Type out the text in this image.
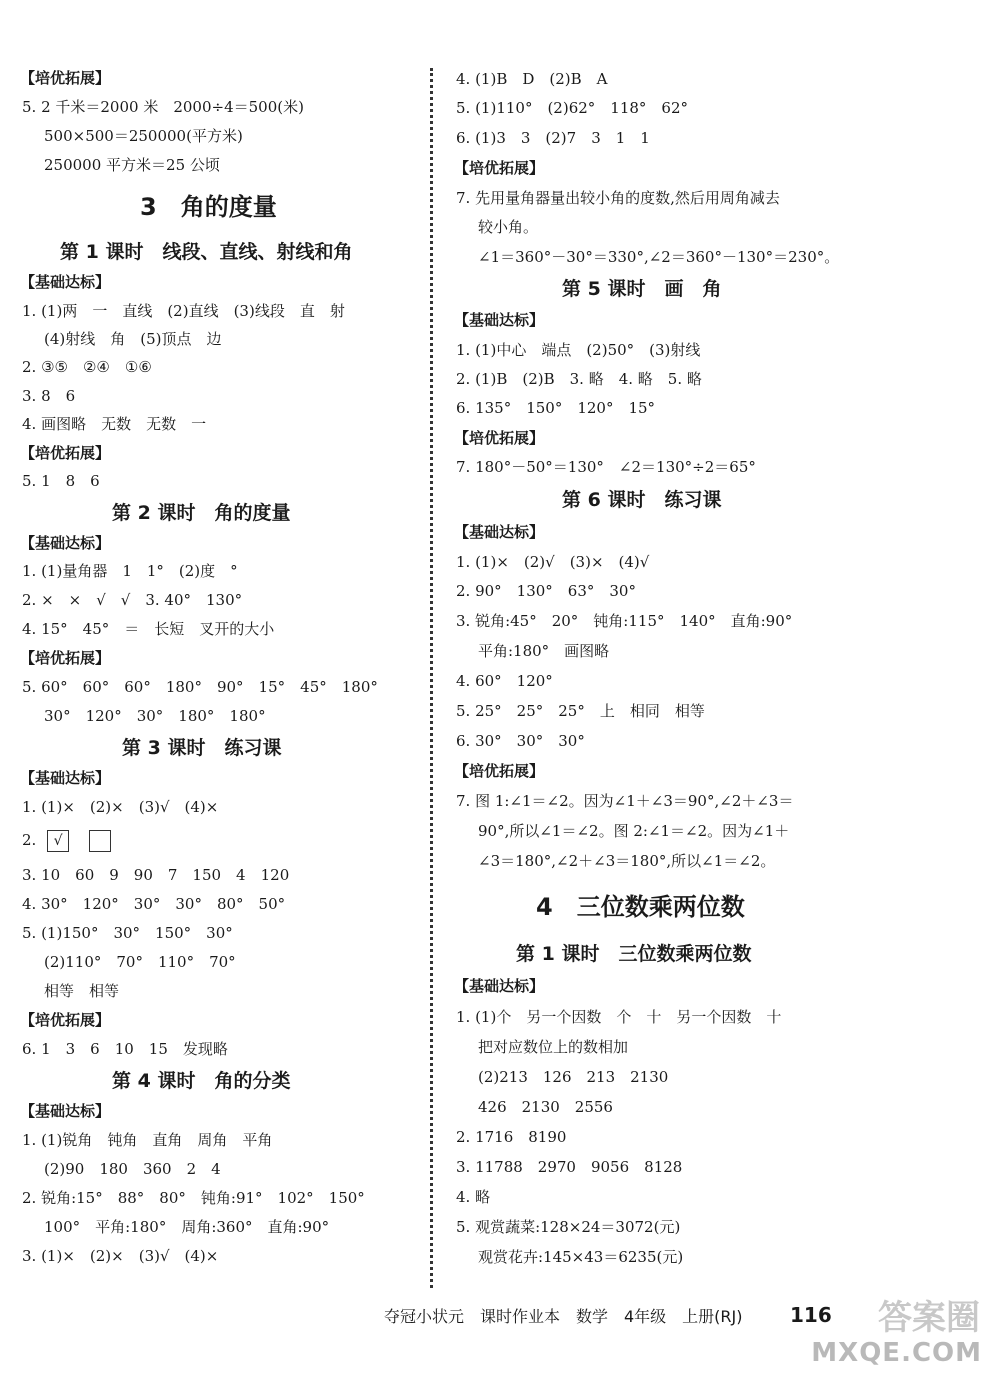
【培优拓展】
5. 2 千米＝2000 米　2000÷4＝500(米)
500×500＝250000(平方米)
250000 平方米＝25 公顷
3　角的度量
第 1 课时　线段、直线、射线和角
【基础达标】
1. (1)两　一　直线　(2)直线　(3)线段　直　射
(4)射线　角　(5)顶点　边
2. ③⑤　②④　①⑥
3. 8　6
4. 画图略　无数　无数　一
【培优拓展】
5. 1　8　6
第 2 课时　角的度量
【基础达标】
1. (1)量角器　1　1°　(2)度　°
2. ×　×　√　√　3. 40°　130°
4. 15°　45°　＝　长短　叉开的大小
【培优拓展】
5. 60°　60°　60°　180°　90°　15°　45°　180°
30°　120°　30°　180°　180°
第 3 课时　练习课
【基础达标】
1. (1)×　(2)×　(3)√　(4)×
2. √
3. 10　60　9　90　7　150　4　120
4. 30°　120°　30°　30°　80°　50°
5. (1)150°　30°　150°　30°
(2)110°　70°　110°　70°
相等　相等
【培优拓展】
6. 1　3　6　10　15　发现略
第 4 课时　角的分类
【基础达标】
1. (1)锐角　钝角　直角　周角　平角
(2)90　180　360　2　4
2. 锐角:15°　88°　80°　钝角:91°　102°　150°
100°　平角:180°　周角:360°　直角:90°
3. (1)×　(2)×　(3)√　(4)×
4. (1)B　D　(2)B　A
5. (1)110°　(2)62°　118°　62°
6. (1)3　3　(2)7　3　1　1
【培优拓展】
7. 先用量角器量出较小角的度数,然后用周角减去
较小角。
∠1＝360°－30°＝330°,∠2＝360°－130°＝230°。
第 5 课时　画　角
【基础达标】
1. (1)中心　端点　(2)50°　(3)射线
2. (1)B　(2)B　3. 略　4. 略　5. 略
6. 135°　150°　120°　15°
【培优拓展】
7. 180°－50°＝130°　∠2＝130°÷2＝65°
第 6 课时　练习课
【基础达标】
1. (1)×　(2)√　(3)×　(4)√
2. 90°　130°　63°　30°
3. 锐角:45°　20°　钝角:115°　140°　直角:90°
平角:180°　画图略
4. 60°　120°
5. 25°　25°　25°　上　相同　相等
6. 30°　30°　30°
【培优拓展】
7. 图 1:∠1＝∠2。因为∠1＋∠3＝90°,∠2＋∠3＝
90°,所以∠1＝∠2。图 2:∠1＝∠2。因为∠1＋
∠3＝180°,∠2＋∠3＝180°,所以∠1＝∠2。
4　三位数乘两位数
第 1 课时　三位数乘两位数
【基础达标】
1. (1)个　另一个因数　个　十　另一个因数　十
把对应数位上的数相加
(2)213　126　213　2130
426　2130　2556
2. 1716　8190
3. 11788　2970　9056　8128
4. 略
5. 观赏蔬菜:128×24＝3072(元)
观赏花卉:145×43＝6235(元)
夺冠小状元　课时作业本　数学　4年级　上册(RJ) 116 答案圈
MXQE.COM
